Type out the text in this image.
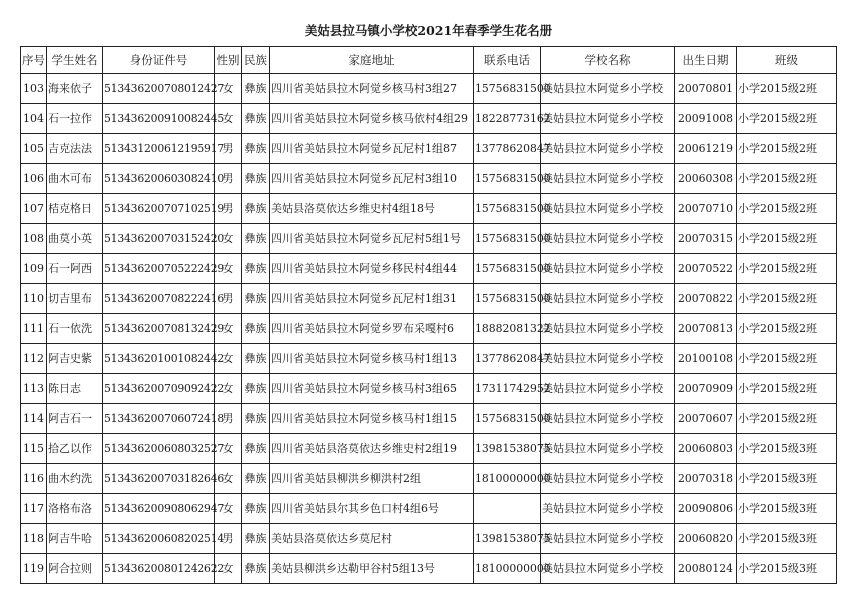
美姑县拉马镇小学校2021年春季学生花名册									
序号	学生姓名	身份证件号	性别	民族	家庭地址	联系电话	学校名称	出生日期	班级
103	海来依子	513436200708012427	女	彝族	四川省美姑县拉木阿觉乡核马村3组27	15756831500	美姑县拉木阿觉乡小学校	20070801	小学2015级2班
104	石一拉作	513436200910082445	女	彝族	四川省美姑县拉木阿觉乡核马依村4组29	18228773162	美姑县拉木阿觉乡小学校	20091008	小学2015级2班
105	吉克法法	513431200612195917	男	彝族	四川省美姑县拉木阿觉乡瓦尼村1组87	13778620847	美姑县拉木阿觉乡小学校	20061219	小学2015级2班
106	曲木可布	513436200603082410	男	彝族	四川省美姑县拉木阿觉乡瓦尼村3组10	15756831500	美姑县拉木阿觉乡小学校	20060308	小学2015级2班
107	桔克格日	513436200707102519	男	彝族	美姑县洛莫依达乡维史村4组18号	15756831500	美姑县拉木阿觉乡小学校	20070710	小学2015级2班
108	曲莫小英	513436200703152420	女	彝族	四川省美姑县拉木阿觉乡瓦尼村5组1号	15756831500	美姑县拉木阿觉乡小学校	20070315	小学2015级2班
109	石一阿西	513436200705222429	女	彝族	四川省美姑县拉木阿觉乡移民村4组44	15756831500	美姑县拉木阿觉乡小学校	20070522	小学2015级2班
110	切吉里布	513436200708222416	男	彝族	四川省美姑县拉木阿觉乡瓦尼村1组31	15756831500	美姑县拉木阿觉乡小学校	20070822	小学2015级2班
111	石一依洗	513436200708132429	女	彝族	四川省美姑县拉木阿觉乡罗布采嘎村6	18882081322	美姑县拉木阿觉乡小学校	20070813	小学2015级2班
112	阿吉史紫	513436201001082442	女	彝族	四川省美姑县拉木阿觉乡核马村1组13	13778620847	美姑县拉木阿觉乡小学校	20100108	小学2015级2班
113	陈日志	513436200709092422	女	彝族	四川省美姑县拉木阿觉乡核马村3组65	17311742952	美姑县拉木阿觉乡小学校	20070909	小学2015级2班
114	阿吉石一	513436200706072418	男	彝族	四川省美姑县拉木阿觉乡核马村1组15	15756831500	美姑县拉木阿觉乡小学校	20070607	小学2015级2班
115	拾乙以作	513436200608032527	女	彝族	四川省美姑县洛莫依达乡维史村2组19	13981538075	美姑县拉木阿觉乡小学校	20060803	小学2015级3班
116	曲木约洗	513436200703182646	女	彝族	四川省美姑县柳洪乡柳洪村2组	18100000000	美姑县拉木阿觉乡小学校	20070318	小学2015级3班
117	洛格布洛	513436200908062947	女	彝族	四川省美姑县尔其乡色口村4组6号		美姑县拉木阿觉乡小学校	20090806	小学2015级3班
118	阿吉牛哈	513436200608202514	男	彝族	美姑县洛莫依达乡莫尼村	13981538075	美姑县拉木阿觉乡小学校	20060820	小学2015级3班
119	阿合拉则	513436200801242622	女	彝族	美姑县柳洪乡达勒甲谷村5组13号	18100000000	美姑县拉木阿觉乡小学校	20080124	小学2015级3班
